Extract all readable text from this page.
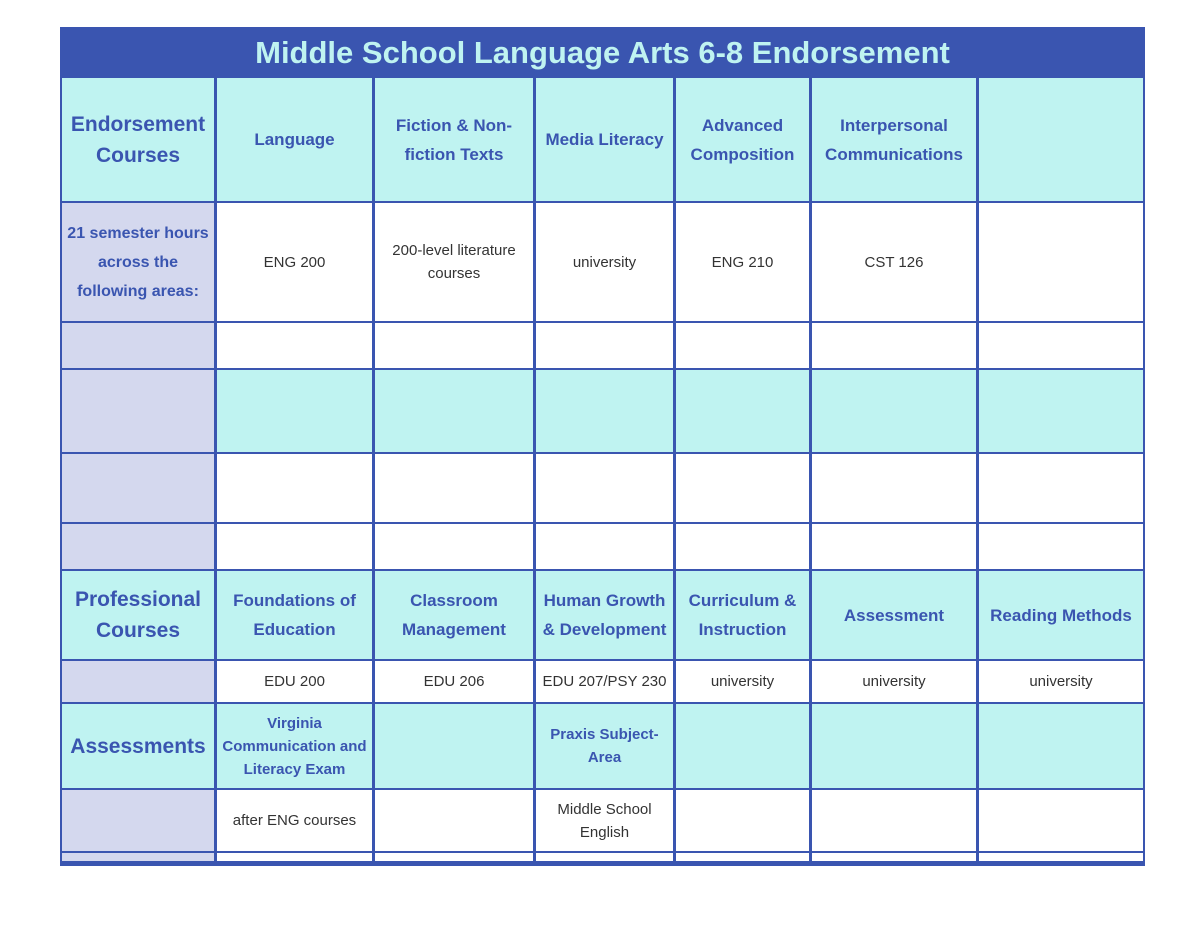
Middle School Language Arts 6-8 Endorsement
Endorsement Courses
21 semester hours across the following areas:
Professional Courses
Assessments
Language
ENG 200
Foundations of Education
EDU 200
Virginia Communication and Literacy Exam
after ENG courses
Fiction & Non-fiction Texts
200-level literature courses
Classroom Management
EDU 206
Media Literacy
university
Human Growth & Development
EDU 207/PSY 230
Praxis Subject-Area
Middle School English
Advanced Composition
ENG 210
Curriculum & Instruction
university
Interpersonal Communications
CST 126
Assessment
university
Reading Methods
university
